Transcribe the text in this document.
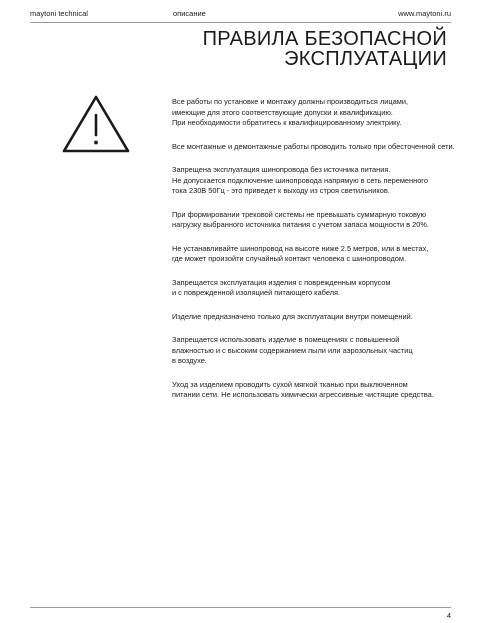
maytoni technical	описание	www.maytoni.ru
ПРАВИЛА БЕЗОПАСНОЙ
ЭКСПЛУАТАЦИИ

Все работы по установке и монтажу должны производиться лицами,
имеющие для этого соответствующие допуски и квалификацию.
При необходимости обратитесь к квалифицированному электрику.

Все монтажные и демонтажные работы проводить только при обесточенной сети.

Запрещена эксплуатация шинопровода без источника питания.
Не допускается подключение шинопровода напрямую в сеть переменного
тока 230В 50Гц - это приведет к выходу из строя светильников.

При формировании трековой системы не превышать суммарную токовую
нагрузку выбранного источника питания с учетом запаса мощности в 20%.

Не устанавливайте шинопровод на высоте ниже 2.5 метров, или в местах,
где может произойти случайный контакт человека с шинопроводом.

Запрещается эксплуатация изделия с поврежденным корпусом
и с поврежденной изоляцией питающего кабеля.

Изделие предназначено только для эксплуатации внутри помещений.

Запрещается использовать изделие в помещениях с повышенной
влажностью и с высоким содержанием пыли или аэрозольных частиц
в воздухе.

Уход за изделием проводить сухой мягкой тканью при выключенном
питании сети. Не использовать химически агрессивные чистящие средства.

4
